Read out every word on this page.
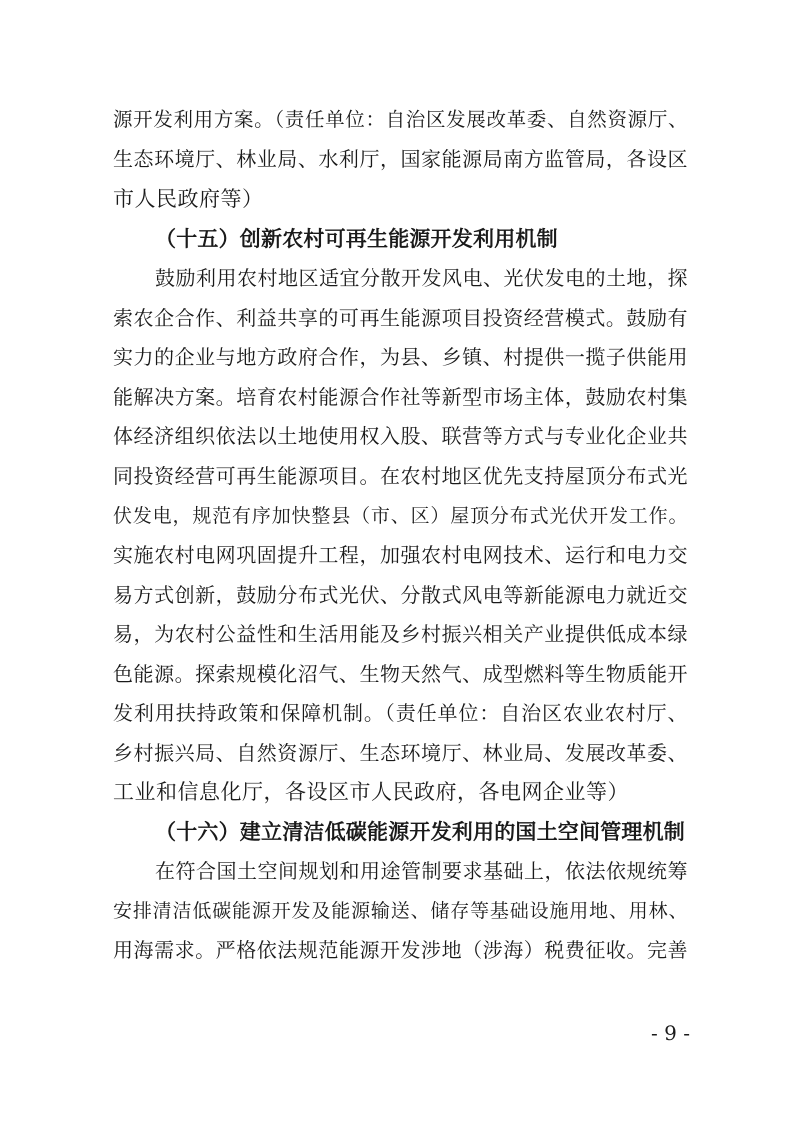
源开发利用方案。（责任单位：自治区发展改革委、自然资源厅、
生态环境厅、林业局、水利厅，国家能源局南方监管局，各设区
市人民政府等）
（十五）创新农村可再生能源开发利用机制
鼓励利用农村地区适宜分散开发风电、光伏发电的土地，探
索农企合作、利益共享的可再生能源项目投资经营模式。鼓励有
实力的企业与地方政府合作，为县、乡镇、村提供一揽子供能用
能解决方案。培育农村能源合作社等新型市场主体，鼓励农村集
体经济组织依法以土地使用权入股、联营等方式与专业化企业共
同投资经营可再生能源项目。在农村地区优先支持屋顶分布式光
伏发电，规范有序加快整县（市、区）屋顶分布式光伏开发工作。
实施农村电网巩固提升工程，加强农村电网技术、运行和电力交
易方式创新，鼓励分布式光伏、分散式风电等新能源电力就近交
易，为农村公益性和生活用能及乡村振兴相关产业提供低成本绿
色能源。探索规模化沼气、生物天然气、成型燃料等生物质能开
发利用扶持政策和保障机制。（责任单位：自治区农业农村厅、
乡村振兴局、自然资源厅、生态环境厅、林业局、发展改革委、
工业和信息化厅，各设区市人民政府，各电网企业等）
（十六）建立清洁低碳能源开发利用的国土空间管理机制
在符合国土空间规划和用途管制要求基础上，依法依规统筹
安排清洁低碳能源开发及能源输送、储存等基础设施用地、用林、
用海需求。严格依法规范能源开发涉地（涉海）税费征收。完善
- 9 -
